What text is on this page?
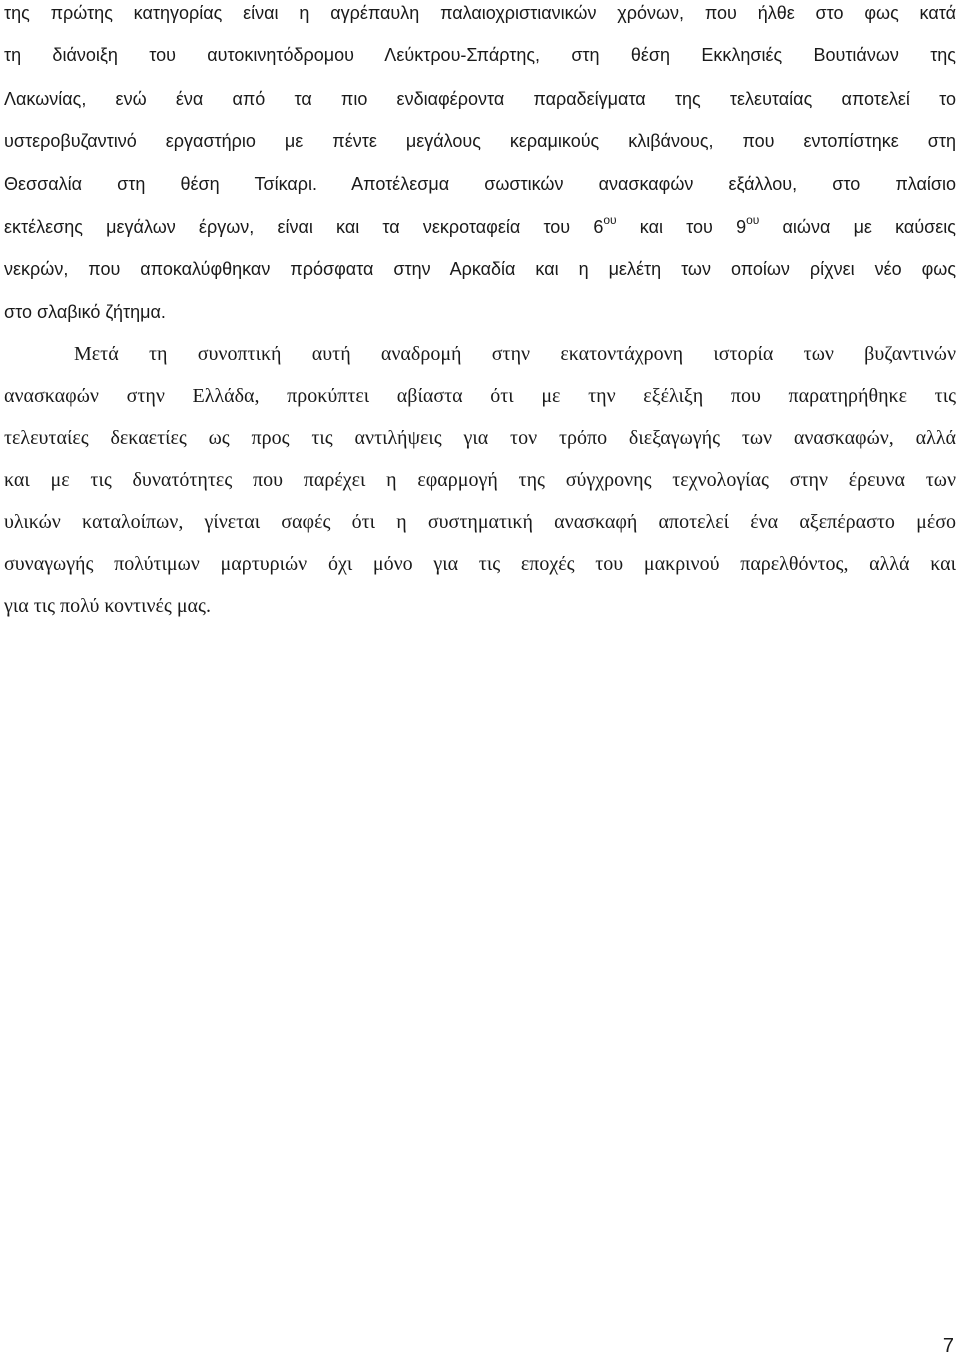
της πρώτης κατηγορίας είναι η αγρέπαυλη παλαιοχριστιανικών χρόνων, που ήλθε στο φως κατά
τη διάνοιξη του αυτοκινητόδρομου Λεύκτρου-Σπάρτης, στη θέση Εκκλησιές Βουτιάνων της
Λακωνίας, ενώ ένα από τα πιο ενδιαφέροντα παραδείγματα της τελευταίας αποτελεί το
υστεροβυζαντινό εργαστήριο με πέντε μεγάλους κεραμικούς κλιβάνους, που εντοπίστηκε στη
Θεσσαλία στη θέση Τσίκαρι. Αποτέλεσμα σωστικών ανασκαφών εξάλλου, στο πλαίσιο
εκτέλεσης μεγάλων έργων, είναι και τα νεκροταφεία του $6^{o\upsilon}$ και του $9^{o\upsilon}$ αιώνα με καύσεις
νεκρών, που αποκαλύφθηκαν πρόσφατα στην Αρκαδία και η μελέτη των οποίων ρίχνει νέο φως
στο σλαβικό ζήτημα.
Μετά τη συνοπτική αυτή αναδρομή στην εκατοντάχρονη ιστορία των βυζαντινών
ανασκαφών στην Ελλάδα, προκύπτει αβίαστα ότι με την εξέλιξη που παρατηρήθηκε τις
τελευταίες δεκαετίες ως προς τις αντιλήψεις για τον τρόπο διεξαγωγής των ανασκαφών, αλλά
και με τις δυνατότητες που παρέχει η εφαρμογή της σύγχρονης τεχνολογίας στην έρευνα των
υλικών καταλοίπων, γίνεται σαφές ότι η συστηματική ανασκαφή αποτελεί ένα αξεπέραστο μέσο
συναγωγής πολύτιμων μαρτυριών όχι μόνο για τις εποχές του μακρινού παρελθόντος, αλλά και
για τις πολύ κοντινές μας.
7
